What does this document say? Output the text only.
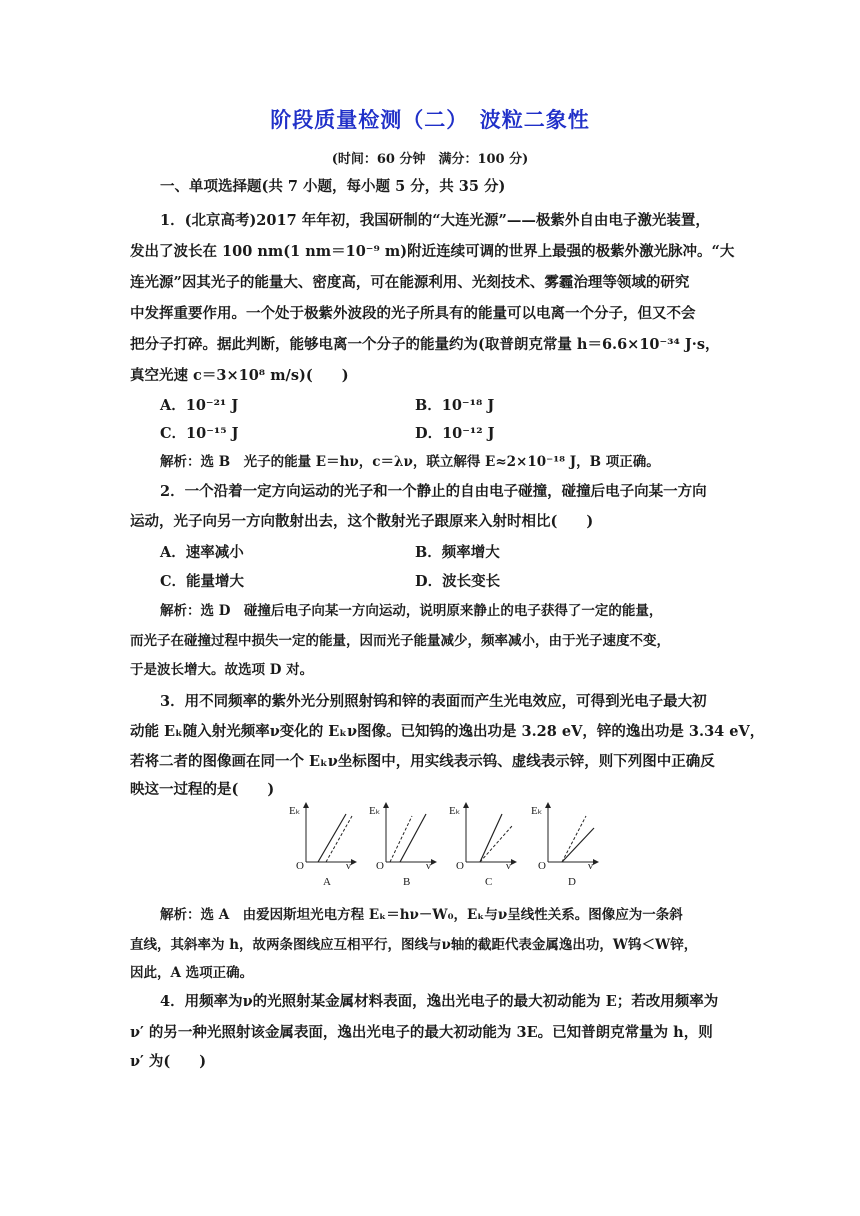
阶段质量检测（二）　波粒二象性
(时间：60 分钟　满分：100 分)
一、单项选择题(共 7 小题，每小题 5 分，共 35 分)
1．(北京高考)2017 年年初，我国研制的“大连光源”——极紫外自由电子激光装置，
发出了波长在 100 nm(1 nm＝10⁻⁹ m)附近连续可调的世界上最强的极紫外激光脉冲。“大
连光源”因其光子的能量大、密度高，可在能源利用、光刻技术、雾霾治理等领域的研究
中发挥重要作用。一个处于极紫外波段的光子所具有的能量可以电离一个分子，但又不会
把分子打碎。据此判断，能够电离一个分子的能量约为(取普朗克常量 h＝6.6×10⁻³⁴ J·s，
真空光速 c＝3×10⁸ m/s)(　　)
A．10⁻²¹ J	B．10⁻¹⁸ J
C．10⁻¹⁵ J	D．10⁻¹² J
解析：选 B　光子的能量 E＝hν，c＝λν，联立解得 E≈2×10⁻¹⁸ J，B 项正确。
2．一个沿着一定方向运动的光子和一个静止的自由电子碰撞，碰撞后电子向某一方向
运动，光子向另一方向散射出去，这个散射光子跟原来入射时相比(　　)
A．速率减小	B．频率增大
C．能量增大	D．波长变长
解析：选 D　碰撞后电子向某一方向运动，说明原来静止的电子获得了一定的能量，
而光子在碰撞过程中损失一定的能量，因而光子能量减少，频率减小，由于光子速度不变，
于是波长增大。故选项 D 对。
3．用不同频率的紫外光分别照射钨和锌的表面而产生光电效应，可得到光电子最大初
动能 Eₖ随入射光频率ν变化的 Eₖν图像。已知钨的逸出功是 3.28 eV，锌的逸出功是 3.34 eV，
若将二者的图像画在同一个 Eₖν坐标图中，用实线表示钨、虚线表示锌，则下列图中正确反
映这一过程的是(　　)
Eₖ	Eₖ	Eₖ	Eₖ
O	O	O	O
ν	ν	ν	ν
A	B	C	D
解析：选 A　由爱因斯坦光电方程 Eₖ＝hν－W₀，Eₖ与ν呈线性关系。图像应为一条斜
直线，其斜率为 h，故两条图线应互相平行，图线与ν轴的截距代表金属逸出功，W钨＜W锌，
因此，A 选项正确。
4．用频率为ν的光照射某金属材料表面，逸出光电子的最大初动能为 E；若改用频率为
ν′ 的另一种光照射该金属表面，逸出光电子的最大初动能为 3E。已知普朗克常量为 h，则
ν′ 为(　　)
